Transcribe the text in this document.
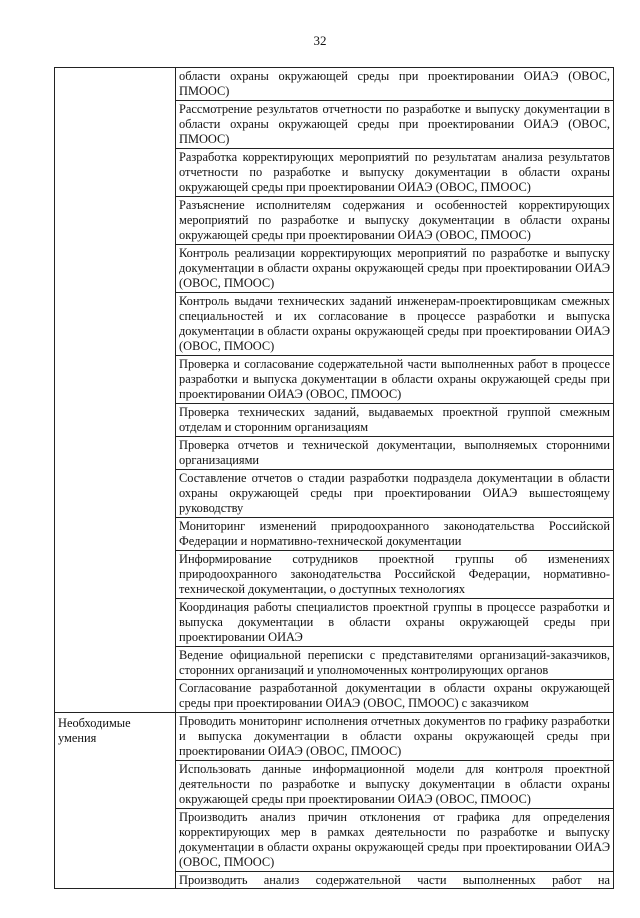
32
	области охраны окружающей среды при проектировании ОИАЭ (ОВОС, ПМООС)
	Рассмотрение результатов отчетности по разработке и выпуску документации в области охраны окружающей среды при проектировании ОИАЭ (ОВОС, ПМООС)
	Разработка корректирующих мероприятий по результатам анализа результатов отчетности по разработке и выпуску документации в области охраны окружающей среды при проектировании ОИАЭ (ОВОС, ПМООС)
	Разъяснение исполнителям содержания и особенностей корректирующих мероприятий по разработке и выпуску документации в области охраны окружающей среды при проектировании ОИАЭ (ОВОС, ПМООС)
	Контроль реализации корректирующих мероприятий по разработке и выпуску документации в области охраны окружающей среды при проектировании ОИАЭ (ОВОС, ПМООС)
	Контроль выдачи технических заданий инженерам-проектировщикам смежных специальностей и их согласование в процессе разработки и выпуска документации в области охраны окружающей среды при проектировании ОИАЭ (ОВОС, ПМООС)
	Проверка и согласование содержательной части выполненных работ в процессе разработки и выпуска документации в области охраны окружающей среды при проектировании ОИАЭ (ОВОС, ПМООС)
	Проверка технических заданий, выдаваемых проектной группой смежным отделам и сторонним организациям
	Проверка отчетов и технической документации, выполняемых сторонними организациями
	Составление отчетов о стадии разработки подраздела документации в области охраны окружающей среды при проектировании ОИАЭ вышестоящему руководству
	Мониторинг изменений природоохранного законодательства Российской Федерации и нормативно-технической документации
	Информирование сотрудников проектной группы об изменениях природоохранного законодательства Российской Федерации, нормативно-технической документации, о доступных технологиях
	Координация работы специалистов проектной группы в процессе разработки и выпуска документации в области охраны окружающей среды при проектировании ОИАЭ
	Ведение официальной переписки с представителями организаций-заказчиков, сторонних организаций и уполномоченных контролирующих органов
	Согласование разработанной документации в области охраны окружающей среды при проектировании ОИАЭ (ОВОС, ПМООС) с заказчиком
Необходимые умения	Проводить мониторинг исполнения отчетных документов по графику разработки и выпуска документации в области охраны окружающей среды при проектировании ОИАЭ (ОВОС, ПМООС)
	Использовать данные информационной модели для контроля проектной деятельности по разработке и выпуску документации в области охраны окружающей среды при проектировании ОИАЭ (ОВОС, ПМООС)
	Производить анализ причин отклонения от графика для определения корректирующих мер в рамках деятельности по разработке и выпуску документации в области охраны окружающей среды при проектировании ОИАЭ (ОВОС, ПМООС)

	Производить анализ содержательной части выполненных работ на
